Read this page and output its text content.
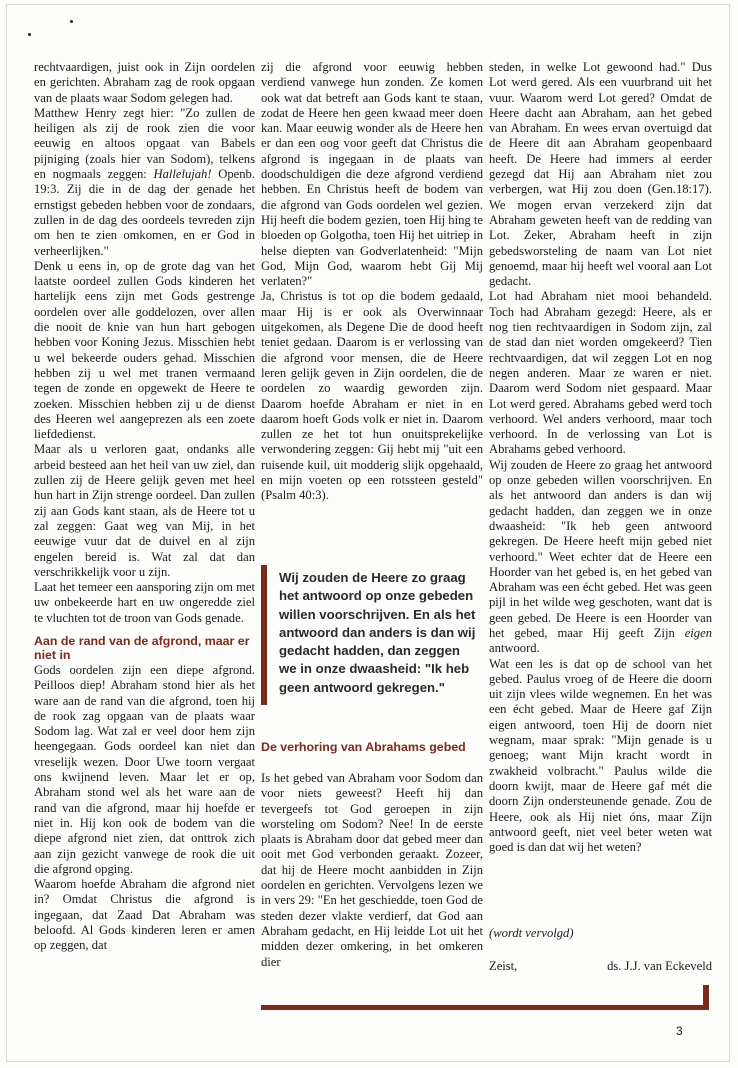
rechtvaardigen, juist ook in Zijn oordelen en gerichten. Abraham zag de rook opgaan van de plaats waar Sodom gelegen had.

Matthew Henry zegt hier: "Zo zullen de heiligen als zij de rook zien die voor eeuwig en altoos opgaat van Babels pijniging (zoals hier van Sodom), telkens en nogmaals zeggen: Hallelujah! Openb. 19:3. Zij die in de dag der genade het ernstigst gebeden hebben voor de zondaars, zullen in de dag des oordeels tevreden zijn om hen te zien omkomen, en er God in verheerlijken."

Denk u eens in, op de grote dag van het laatste oordeel zullen Gods kinderen het hartelijk eens zijn met Gods gestrenge oordelen over alle goddelozen, over allen die nooit de knie van hun hart gebogen hebben voor Koning Jezus. Misschien hebt u wel bekeerde ouders gehad. Misschien hebben zij u wel met tranen vermaand tegen de zonde en opgewekt de Heere te zoeken. Misschien hebben zij u de dienst des Heeren wel aangeprezen als een zoete liefdedienst.

Maar als u verloren gaat, ondanks alle arbeid besteed aan het heil van uw ziel, dan zullen zij de Heere gelijk geven met heel hun hart in Zijn strenge oordeel. Dan zullen zij aan Gods kant staan, als de Heere tot u zal zeggen: Gaat weg van Mij, in het eeuwige vuur dat de duivel en al zijn engelen bereid is. Wat zal dat dan verschrikkelijk voor u zijn.

Laat het temeer een aansporing zijn om met uw onbekeerde hart en uw ongeredde ziel te vluchten tot de troon van Gods genade.

Aan de rand van de afgrond, maar er niet in

Gods oordelen zijn een diepe afgrond. Peilloos diep! Abraham stond hier als het ware aan de rand van die afgrond, toen hij de rook zag opgaan van de plaats waar Sodom lag. Wat zal er veel door hem zijn heengegaan. Gods oordeel kan niet dan vreselijk wezen. Door Uwe toorn vergaat ons kwijnend leven. Maar let er op, Abraham stond wel als het ware aan de rand van die afgrond, maar hij hoefde er niet in. Hij kon ook de bodem van die diepe afgrond niet zien, dat onttrok zich aan zijn gezicht vanwege de rook die uit die afgrond opging.

Waarom hoefde Abraham die afgrond niet in? Omdat Christus die afgrond is ingegaan, dat Zaad Dat Abraham was beloofd. Al Gods kinderen leren er amen op zeggen, dat

zij die afgrond voor eeuwig hebben verdiend vanwege hun zonden. Ze komen ook wat dat betreft aan Gods kant te staan, zodat de Heere hen geen kwaad meer doen kan. Maar eeuwig wonder als de Heere hen er dan een oog voor geeft dat Christus die afgrond is ingegaan in de plaats van doodschuldigen die deze afgrond verdiend hebben. En Christus heeft de bodem van die afgrond van Gods oordelen wel gezien. Hij heeft die bodem gezien, toen Hij hing te bloeden op Golgotha, toen Hij het uitriep in helse diepten van Godverlatenheid: "Mijn God, Mijn God, waarom hebt Gij Mij verlaten?"

Ja, Christus is tot op die bodem gedaald, maar Hij is er ook als Overwinnaar uitgekomen, als Degene Die de dood heeft teniet gedaan. Daarom is er verlossing van die afgrond voor mensen, die de Heere leren gelijk geven in Zijn oordelen, die de oordelen zo waardig geworden zijn. Daarom hoefde Abraham er niet in en daarom hoeft Gods volk er niet in. Daarom zullen ze het tot hun onuitsprekelijke verwondering zeggen: Gij hebt mij "uit een ruisende kuil, uit modderig slijk opgehaald, en mijn voeten op een rotssteen gesteld" (Psalm 40:3).

Wij zouden de Heere zo graag het antwoord op onze gebeden willen voorschrijven. En als het antwoord dan anders is dan wij gedacht hadden, dan zeggen we in onze dwaasheid: "Ik heb geen antwoord gekregen."
De verhoring van Abrahams gebed

Is het gebed van Abraham voor Sodom dan voor niets geweest? Heeft hij dan tevergeefs tot God geroepen in zijn worsteling om Sodom? Nee! In de eerste plaats is Abraham door dat gebed meer dan ooit met God verbonden geraakt. Zozeer, dat hij de Heere mocht aanbidden in Zijn oordelen en gerichten. Vervolgens lezen we in vers 29: "En het geschiedde, toen God de steden dezer vlakte verdierf, dat God aan Abraham gedacht, en Hij leidde Lot uit het midden dezer omkering, in het omkeren dier

steden, in welke Lot gewoond had." Dus Lot werd gered. Als een vuurbrand uit het vuur. Waarom werd Lot gered? Omdat de Heere dacht aan Abraham, aan het gebed van Abraham. En wees ervan overtuigd dat de Heere dit aan Abraham geopenbaard heeft. De Heere had immers al eerder gezegd dat Hij aan Abraham niet zou verbergen, wat Hij zou doen (Gen.18:17). We mogen ervan verzekerd zijn dat Abraham geweten heeft van de redding van Lot. Zeker, Abraham heeft in zijn gebedsworsteling de naam van Lot niet genoemd, maar hij heeft wel vooral aan Lot gedacht.

Lot had Abraham niet mooi behandeld. Toch had Abraham gezegd: Heere, als er nog tien rechtvaardigen in Sodom zijn, zal de stad dan niet worden omgekeerd? Tien rechtvaardigen, dat wil zeggen Lot en nog negen anderen. Maar ze waren er niet. Daarom werd Sodom niet gespaard. Maar Lot werd gered. Abrahams gebed werd toch verhoord. Wel anders verhoord, maar toch verhoord. In de verlossing van Lot is Abrahams gebed verhoord.

Wij zouden de Heere zo graag het antwoord op onze gebeden willen voorschrijven. En als het antwoord dan anders is dan wij gedacht hadden, dan zeggen we in onze dwaasheid: "Ik heb geen antwoord gekregen. De Heere heeft mijn gebed niet verhoord." Weet echter dat de Heere een Hoorder van het gebed is, en het gebed van Abraham was een écht gebed. Het was geen pijl in het wilde weg geschoten, want dat is geen gebed. De Heere is een Hoorder van het gebed, maar Hij geeft Zijn eigen antwoord.

Wat een les is dat op de school van het gebed. Paulus vroeg of de Heere die doorn uit zijn vlees wilde wegnemen. En het was een écht gebed. Maar de Heere gaf Zijn eigen antwoord, toen Hij de doorn niet wegnam, maar sprak: "Mijn genade is u genoeg; want Mijn kracht wordt in zwakheid volbracht." Paulus wilde die doorn kwijt, maar de Heere gaf mét die doorn Zijn ondersteunende genade. Zou de Heere, ook als Hij niet óns, maar Zíjn antwoord geeft, niet veel beter weten wat goed is dan dat wij het weten?

(wordt vervolgd)
Zeist,	ds. J.J. van Eckeveld
3
